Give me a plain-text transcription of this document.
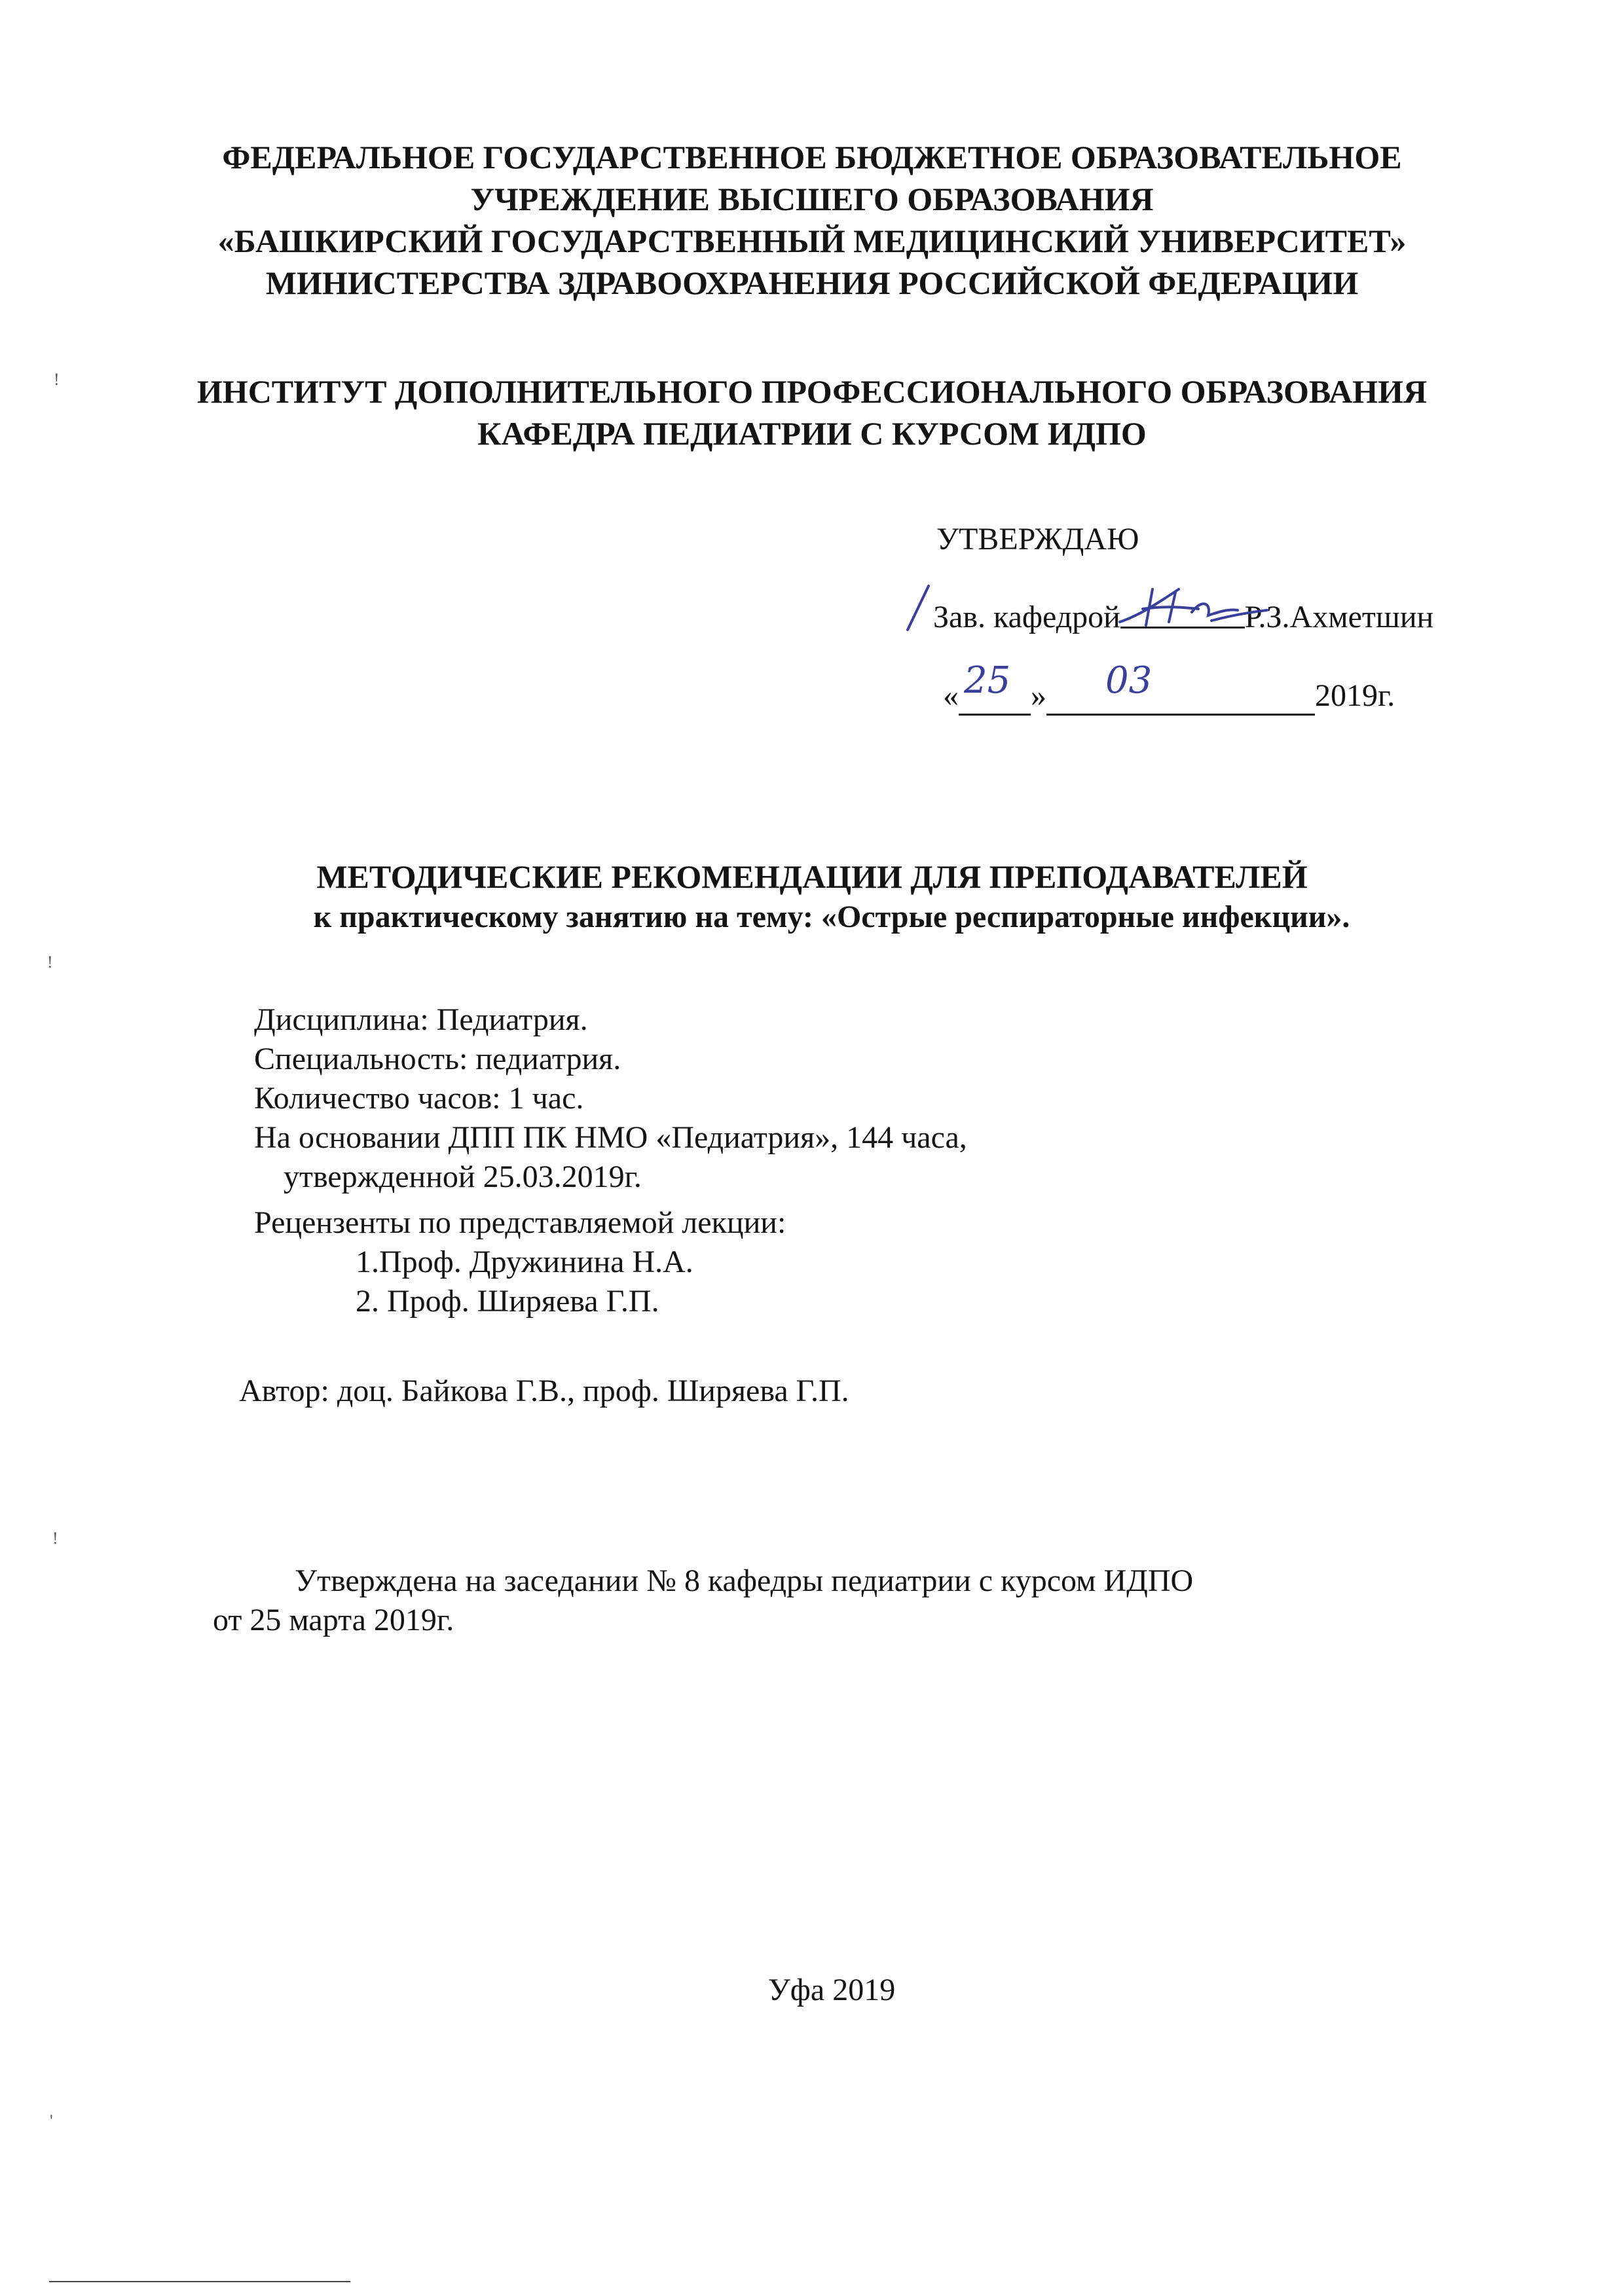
ФЕДЕРАЛЬНОЕ ГОСУДАРСТВЕННОЕ БЮДЖЕТНОЕ ОБРАЗОВАТЕЛЬНОЕ
УЧРЕЖДЕНИЕ ВЫСШЕГО ОБРАЗОВАНИЯ
«БАШКИРСКИЙ ГОСУДАРСТВЕННЫЙ МЕДИЦИНСКИЙ УНИВЕРСИТЕТ»
МИНИСТЕРСТВА ЗДРАВООХРАНЕНИЯ РОССИЙСКОЙ ФЕДЕРАЦИИ
ИНСТИТУТ ДОПОЛНИТЕЛЬНОГО ПРОФЕССИОНАЛЬНОГО ОБРАЗОВАНИЯ
КАФЕДРА ПЕДИАТРИИ С КУРСОМ ИДПО
УТВЕРЖДАЮ
Зав. кафедрой	Р.З.Ахметшин
« 25 » 03	2019г.
МЕТОДИЧЕСКИЕ РЕКОМЕНДАЦИИ ДЛЯ ПРЕПОДАВАТЕЛЕЙ
к практическому занятию на тему: «Острые респираторные инфекции».
Дисциплина: Педиатрия.
Специальность: педиатрия.
Количество часов: 1 час.
На основании ДПП ПК НМО «Педиатрия», 144 часа,
утвержденной 25.03.2019г.
Рецензенты по представляемой лекции:
1.Проф. Дружинина Н.А.
2. Проф. Ширяева Г.П.
Автор: доц. Байкова Г.В., проф. Ширяева Г.П.
Утверждена на заседании № 8 кафедры педиатрии с курсом ИДПО
от 25 марта 2019г.
Уфа 2019
!
!
!
'
